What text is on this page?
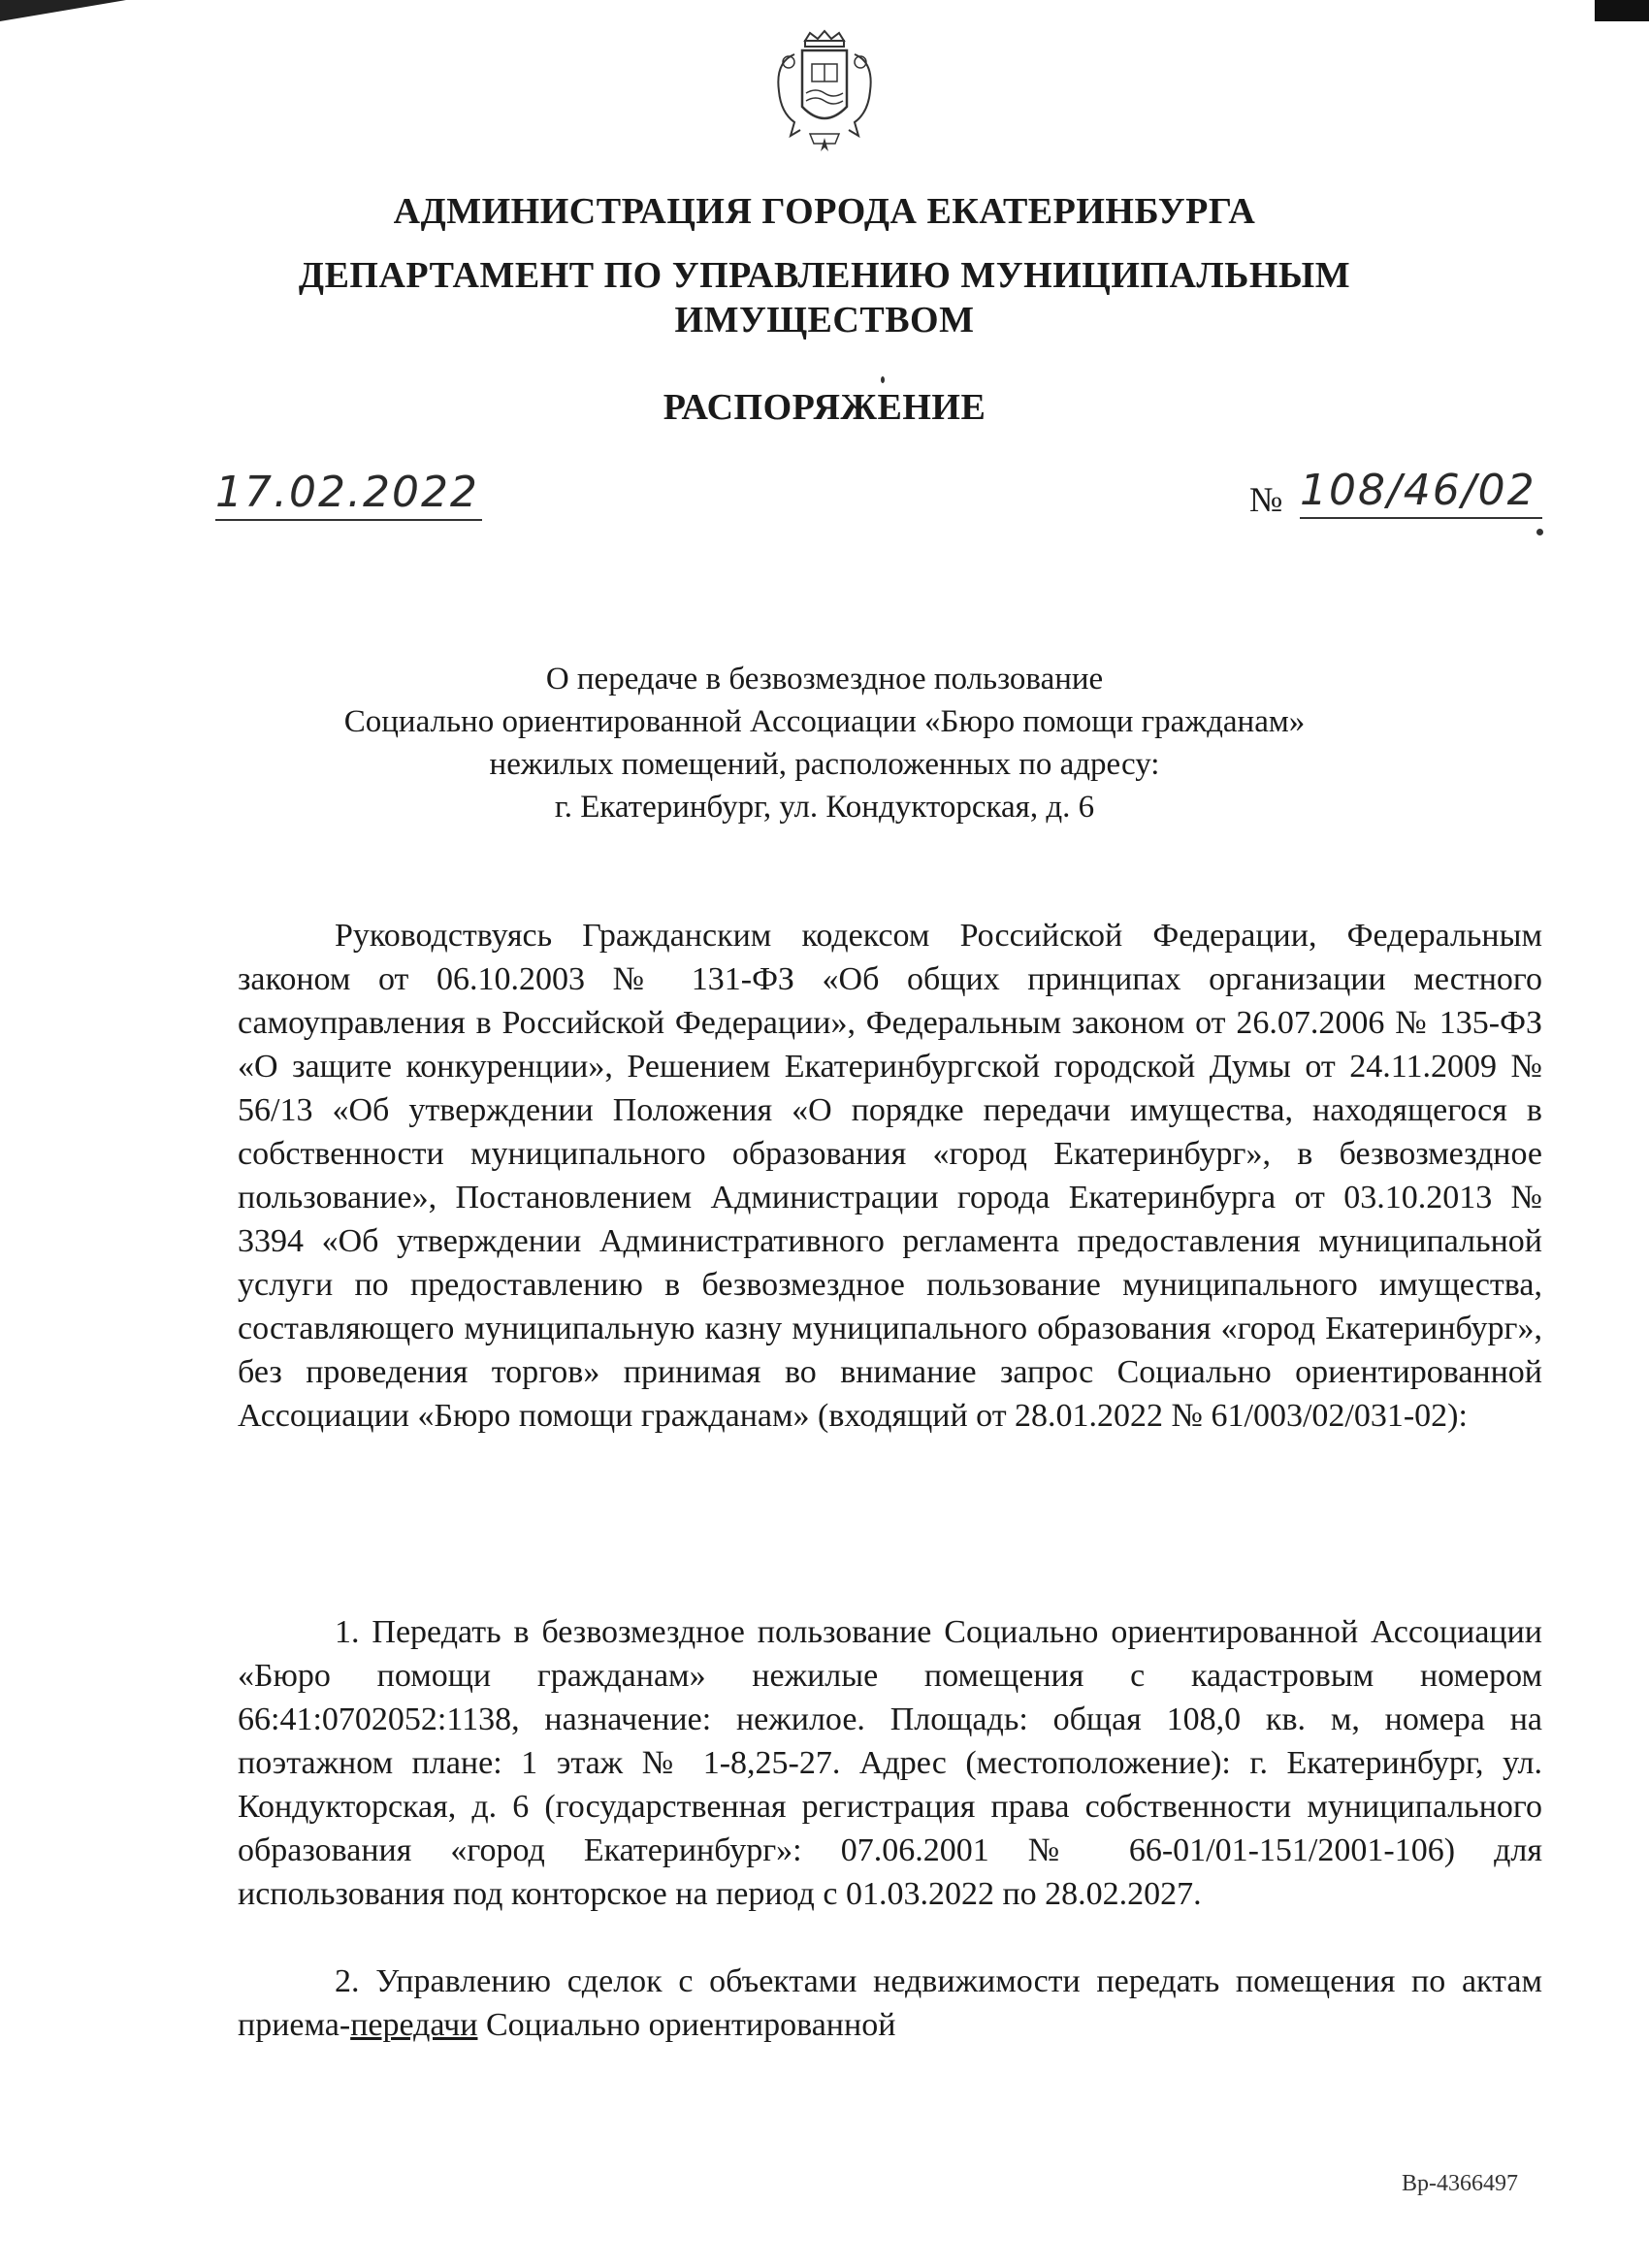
АДМИНИСТРАЦИЯ ГОРОДА ЕКАТЕРИНБУРГА
ДЕПАРТАМЕНТ ПО УПРАВЛЕНИЮ МУНИЦИПАЛЬНЫМ
ИМУЩЕСТВОМ
РАСПОРЯЖЕНИЕ
17.02.2022	№ 108/46/02
О передаче в безвозмездное пользование
Социально ориентированной Ассоциации «Бюро помощи гражданам»
нежилых помещений, расположенных по адресу:
г. Екатеринбург, ул. Кондукторская, д. 6

Руководствуясь Гражданским кодексом Российской Федерации, Федеральным законом от 06.10.2003 № 131-ФЗ «Об общих принципах организации местного самоуправления в Российской Федерации», Федеральным законом от 26.07.2006 № 135-ФЗ «О защите конкуренции», Решением Екатеринбургской городской Думы от 24.11.2009 № 56/13 «Об утверждении Положения «О порядке передачи имущества, находящегося в собственности муниципального образования «город Екатеринбург», в безвозмездное пользование», Постановлением Администрации города Екатеринбурга от 03.10.2013 № 3394 «Об утверждении Административного регламента предоставления муниципальной услуги по предоставлению в безвозмездное пользование муниципального имущества, составляющего муниципальную казну муниципального образования «город Екатеринбург», без проведения торгов» принимая во внимание запрос Социально ориентированной Ассоциации «Бюро помощи гражданам» (входящий от 28.01.2022 № 61/003/02/031-02):

1. Передать в безвозмездное пользование Социально ориентированной Ассоциации «Бюро помощи гражданам» нежилые помещения с кадастровым номером 66:41:0702052:1138, назначение: нежилое. Площадь: общая 108,0 кв. м, номера на поэтажном плане: 1 этаж № 1-8,25-27. Адрес (местоположение): г. Екатеринбург, ул. Кондукторская, д. 6 (государственная регистрация права собственности муниципального образования «город Екатеринбург»: 07.06.2001 № 66-01/01-151/2001-106) для использования под конторское на период с 01.03.2022 по 28.02.2027.

2. Управлению сделок с объектами недвижимости передать помещения по актам приема-передачи Социально ориентированной

Вр-4366497
